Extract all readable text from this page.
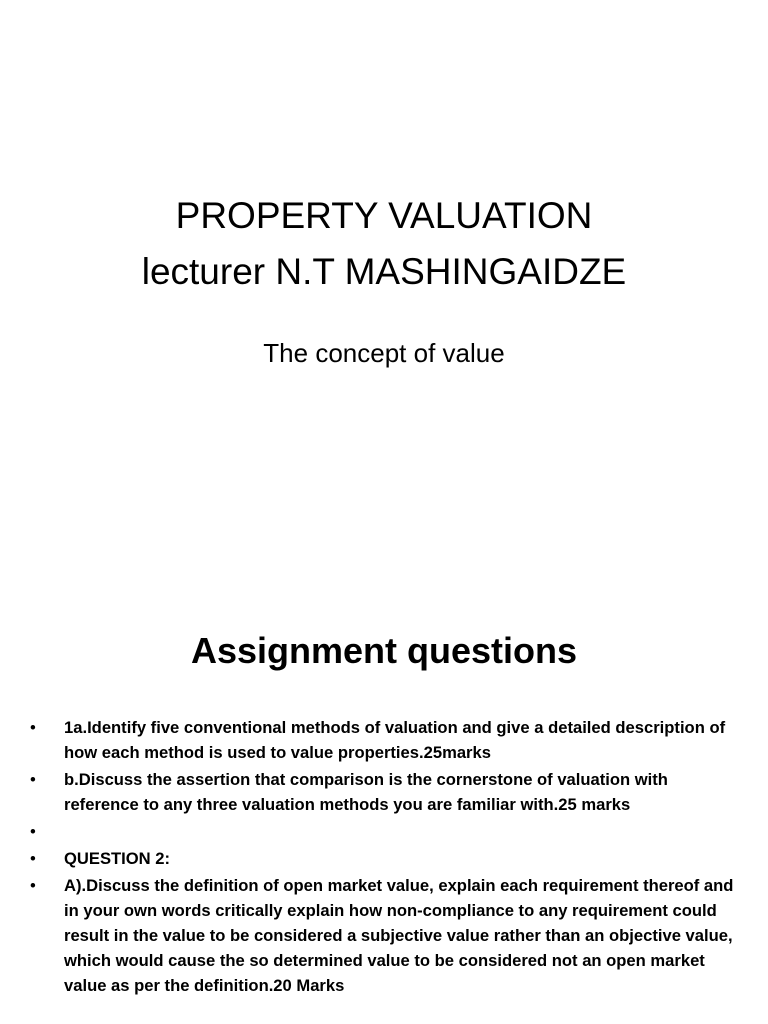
PROPERTY VALUATION
lecturer N.T MASHINGAIDZE
The concept of value
Assignment questions
• 1a.Identify five conventional methods of valuation and give a detailed description of how each method is used to value properties.25marks
• b.Discuss the assertion that comparison is the cornerstone of valuation with reference to any three valuation methods you are familiar with.25 marks
•
• QUESTION 2:
• A).Discuss the definition of open market value, explain each requirement thereof and in your own words critically explain how non-compliance to any requirement could result in the value to be considered a subjective value rather than an objective value, which would cause the so determined value to be considered not an open market value as per the definition.20 Marks
